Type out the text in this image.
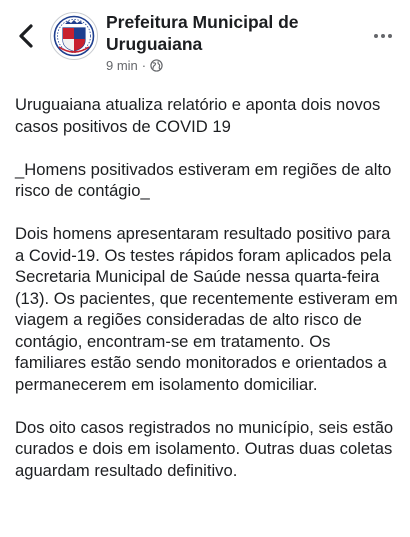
Prefeitura Municipal de Uruguaiana
9 min ·

Uruguaiana atualiza relatório e aponta dois novos casos positivos de COVID 19

_Homens positivados estiveram em regiões de alto risco de contágio_

Dois homens apresentaram resultado positivo para a Covid-19. Os testes rápidos foram aplicados pela Secretaria Municipal de Saúde nessa quarta-feira (13). Os pacientes, que recentemente estiveram em viagem a regiões consideradas de alto risco de contágio, encontram-se em tratamento. Os familiares estão sendo monitorados e orientados a permanecerem em isolamento domiciliar.

Dos oito casos registrados no município, seis estão curados e dois em isolamento. Outras duas coletas aguardam resultado definitivo.
